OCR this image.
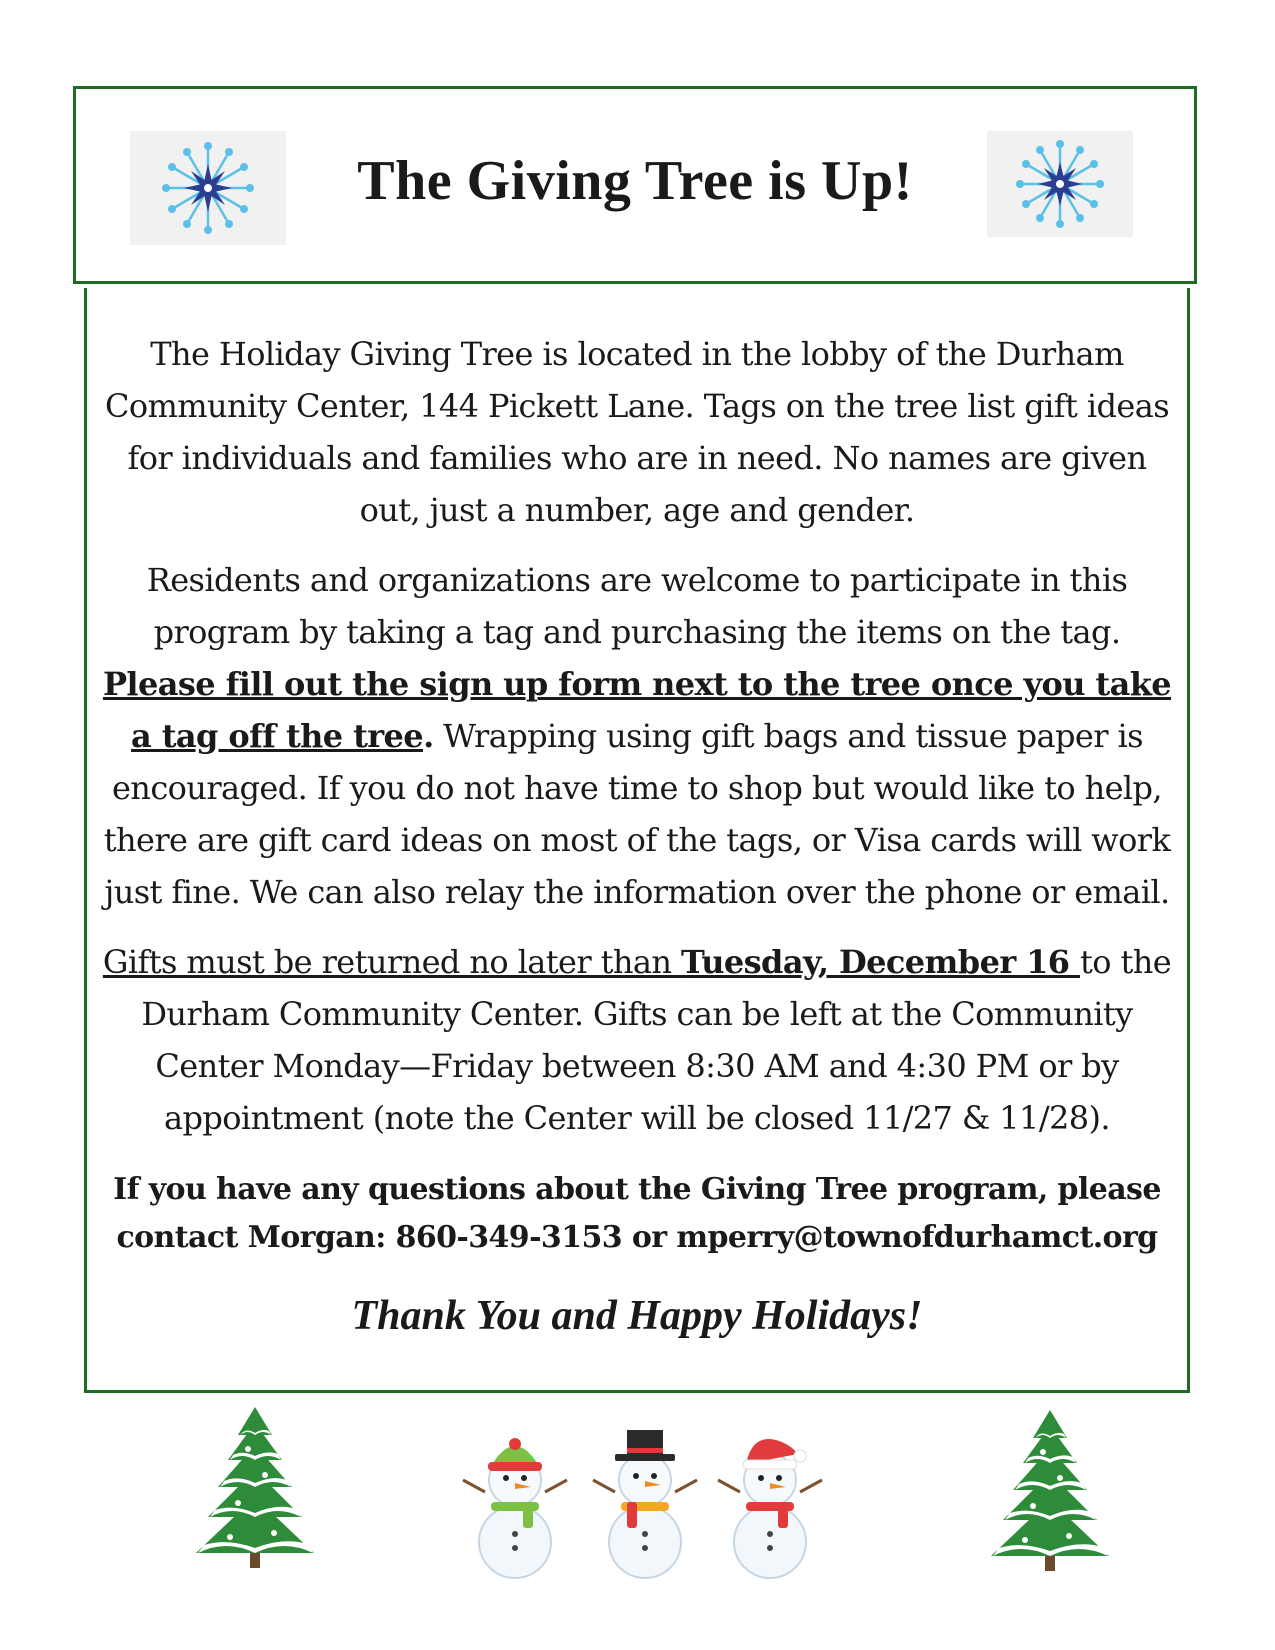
The Giving Tree is Up!

The Holiday Giving Tree is located in the lobby of the Durham Community Center, 144 Pickett Lane. Tags on the tree list gift ideas for individuals and families who are in need. No names are given out, just a number, age and gender.

Residents and organizations are welcome to participate in this program by taking a tag and purchasing the items on the tag. Please fill out the sign up form next to the tree once you take a tag off the tree. Wrapping using gift bags and tissue paper is encouraged. If you do not have time to shop but would like to help, there are gift card ideas on most of the tags, or Visa cards will work just fine. We can also relay the information over the phone or email.

Gifts must be returned no later than Tuesday, December 16 to the Durham Community Center. Gifts can be left at the Community Center Monday—Friday between 8:30 AM and 4:30 PM or by appointment (note the Center will be closed 11/27 & 11/28).

If you have any questions about the Giving Tree program, please contact Morgan: 860-349-3153 or mperry@townofdurhamct.org

Thank You and Happy Holidays!
